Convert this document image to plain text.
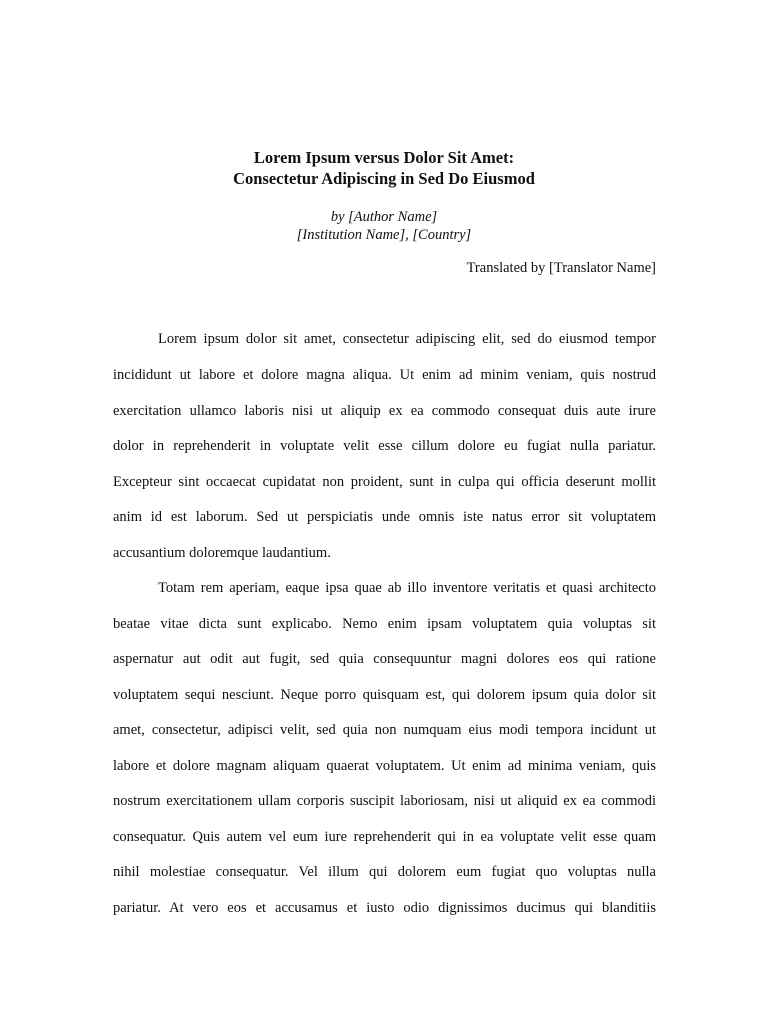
Lorem Ipsum versus Dolor Sit Amet:
Consectetur Adipiscing in Sed Do Eiusmod
by [Author Name]
[Institution Name], [Country]
Translated by [Translator Name]
Lorem ipsum dolor sit amet, consectetur adipiscing elit, sed do eiusmod tempor
incididunt ut labore et dolore magna aliqua. Ut enim ad minim veniam, quis nostrud
exercitation ullamco laboris nisi ut aliquip ex ea commodo consequat duis aute irure
dolor in reprehenderit in voluptate velit esse cillum dolore eu fugiat nulla pariatur.
Excepteur sint occaecat cupidatat non proident, sunt in culpa qui officia deserunt mollit
anim id est laborum. Sed ut perspiciatis unde omnis iste natus error sit voluptatem
accusantium doloremque laudantium.
Totam rem aperiam, eaque ipsa quae ab illo inventore veritatis et quasi architecto
beatae vitae dicta sunt explicabo. Nemo enim ipsam voluptatem quia voluptas sit
aspernatur aut odit aut fugit, sed quia consequuntur magni dolores eos qui ratione
voluptatem sequi nesciunt. Neque porro quisquam est, qui dolorem ipsum quia dolor sit
amet, consectetur, adipisci velit, sed quia non numquam eius modi tempora incidunt ut
labore et dolore magnam aliquam quaerat voluptatem. Ut enim ad minima veniam, quis
nostrum exercitationem ullam corporis suscipit laboriosam, nisi ut aliquid ex ea commodi
consequatur. Quis autem vel eum iure reprehenderit qui in ea voluptate velit esse quam
nihil molestiae consequatur. Vel illum qui dolorem eum fugiat quo voluptas nulla
pariatur. At vero eos et accusamus et iusto odio dignissimos ducimus qui blanditiis
